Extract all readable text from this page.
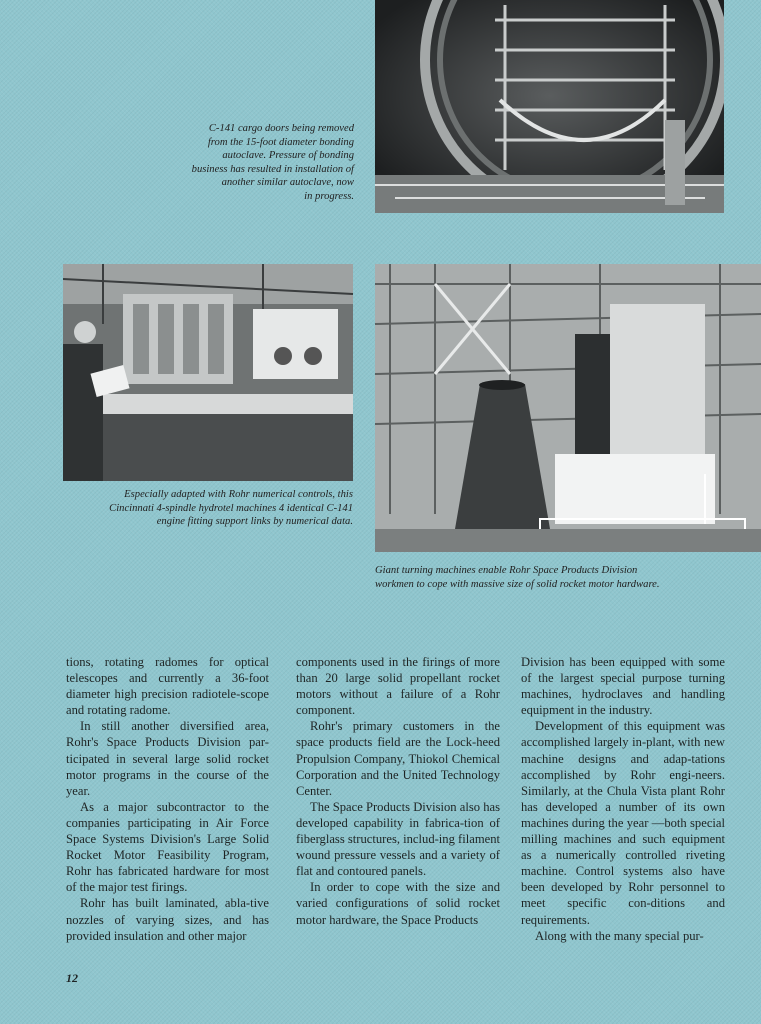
C-141 cargo doors being removed
from the 15-foot diameter bonding
autoclave. Pressure of bonding
business has resulted in installation of
another similar autoclave, now
in progress.
Especially adapted with Rohr numerical controls, this
Cincinnati 4-spindle hydrotel machines 4 identical C-141
engine fitting support links by numerical data.
Giant turning machines enable Rohr Space Products Division
workmen to cope with massive size of solid rocket motor hardware.

tions, rotating radomes for optical telescopes and currently a 36-foot diameter high precision radiotele-scope and rotating radome.

In still another diversified area, Rohr's Space Products Division par-ticipated in several large solid rocket motor programs in the course of the year.

As a major subcontractor to the companies participating in Air Force Space Systems Division's Large Solid Rocket Motor Feasibility Program, Rohr has fabricated hardware for most of the major test firings.

Rohr has built laminated, abla-tive nozzles of varying sizes, and has provided insulation and other major

components used in the firings of more than 20 large solid propellant rocket motors without a failure of a Rohr component.

Rohr's primary customers in the space products field are the Lock-heed Propulsion Company, Thiokol Chemical Corporation and the United Technology Center.

The Space Products Division also has developed capability in fabrica-tion of fiberglass structures, includ-ing filament wound pressure vessels and a variety of flat and contoured panels.

In order to cope with the size and varied configurations of solid rocket motor hardware, the Space Products

Division has been equipped with some of the largest special purpose turning machines, hydroclaves and handling equipment in the industry.

Development of this equipment was accomplished largely in-plant, with new machine designs and adap-tations accomplished by Rohr engi-neers. Similarly, at the Chula Vista plant Rohr has developed a number of its own machines during the year —both special milling machines and such equipment as a numerically controlled riveting machine. Control systems also have been developed by Rohr personnel to meet specific con-ditions and requirements.

Along with the many special pur-

12
